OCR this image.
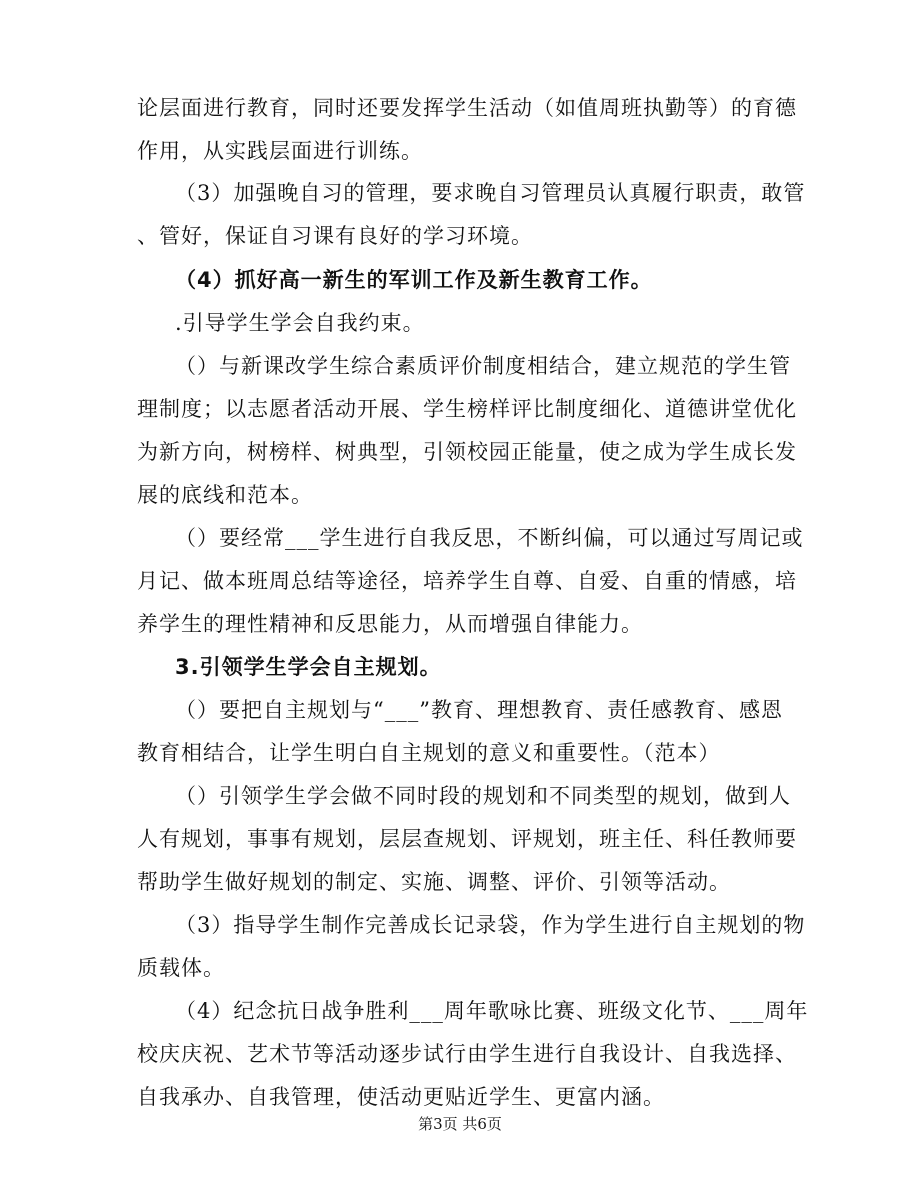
论层面进行教育，同时还要发挥学生活动（如值周班执勤等）的育德
作用，从实践层面进行训练。
（3）加强晚自习的管理，要求晚自习管理员认真履行职责，敢管
、管好，保证自习课有良好的学习环境。
（4）抓好高一新生的军训工作及新生教育工作。
.引导学生学会自我约束。
（）与新课改学生综合素质评价制度相结合，建立规范的学生管
理制度；以志愿者活动开展、学生榜样评比制度细化、道德讲堂优化
为新方向，树榜样、树典型，引领校园正能量，使之成为学生成长发
展的底线和范本。
（）要经常___学生进行自我反思，不断纠偏，可以通过写周记或
月记、做本班周总结等途径，培养学生自尊、自爱、自重的情感，培
养学生的理性精神和反思能力，从而增强自律能力。
3.引领学生学会自主规划。
（）要把自主规划与“___”教育、理想教育、责任感教育、感恩
教育相结合，让学生明白自主规划的意义和重要性。（范本）
（）引领学生学会做不同时段的规划和不同类型的规划，做到人
人有规划，事事有规划，层层查规划、评规划，班主任、科任教师要
帮助学生做好规划的制定、实施、调整、评价、引领等活动。
（3）指导学生制作完善成长记录袋，作为学生进行自主规划的物
质载体。
（4）纪念抗日战争胜利___周年歌咏比赛、班级文化节、___周年
校庆庆祝、艺术节等活动逐步试行由学生进行自我设计、自我选择、
自我承办、自我管理，使活动更贴近学生、更富内涵。
第3页 共6页
